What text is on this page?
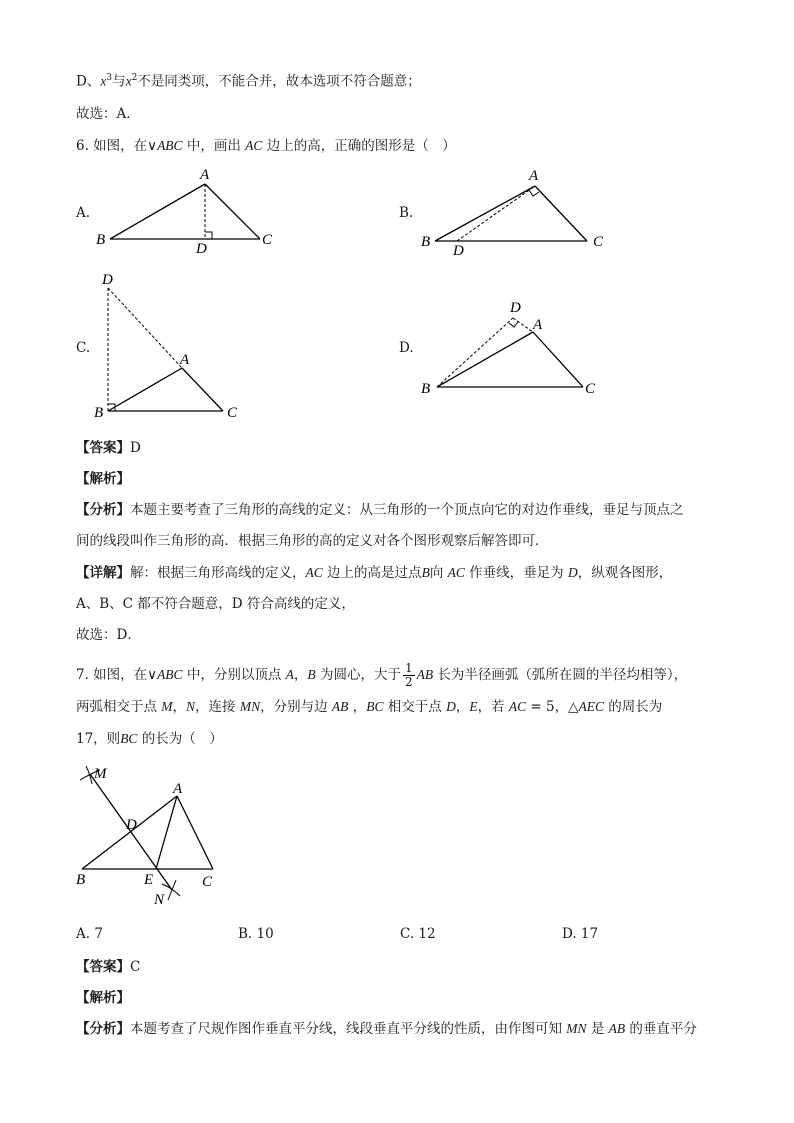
D、$x^3$与$x^2$不是同类项，不能合并，故本选项不符合题意；
故选：A．
6. 如图，在∨ABC 中，画出 AC 边上的高，正确的图形是（　）
A.
A
B	C
D
B.
A
B	C
D
C.
D
A
B	C
D.
D
A
B	C
【答案】D
【解析】
【分析】本题主要考查了三角形的高线的定义：从三角形的一个顶点向它的对边作垂线，垂足与顶点之
间的线段叫作三角形的高．根据三角形的高的定义对各个图形观察后解答即可．
【详解】解：根据三角形高线的定义，AC 边上的高是过点B向 AC 作垂线，垂足为 D，纵观各图形，
A、B、C 都不符合题意，D 符合高线的定义，
故选：D．
7. 如图，在∨ABC 中，分别以顶点 A，B 为圆心，大于 $\frac{1}{2}$ AB 长为半径画弧（弧所在圆的半径均相等），
两弧相交于点 M，N，连接 MN，分别与边 AB ，BC 相交于点 D，E，若 AC = 5，△AEC 的周长为
17，则BC 的长为（　）
M
A
D
B	E	C
N
A. 7	B. 10	C. 12	D. 17
【答案】C
【解析】
【分析】本题考查了尺规作图作垂直平分线，线段垂直平分线的性质，由作图可知 MN 是 AB 的垂直平分
